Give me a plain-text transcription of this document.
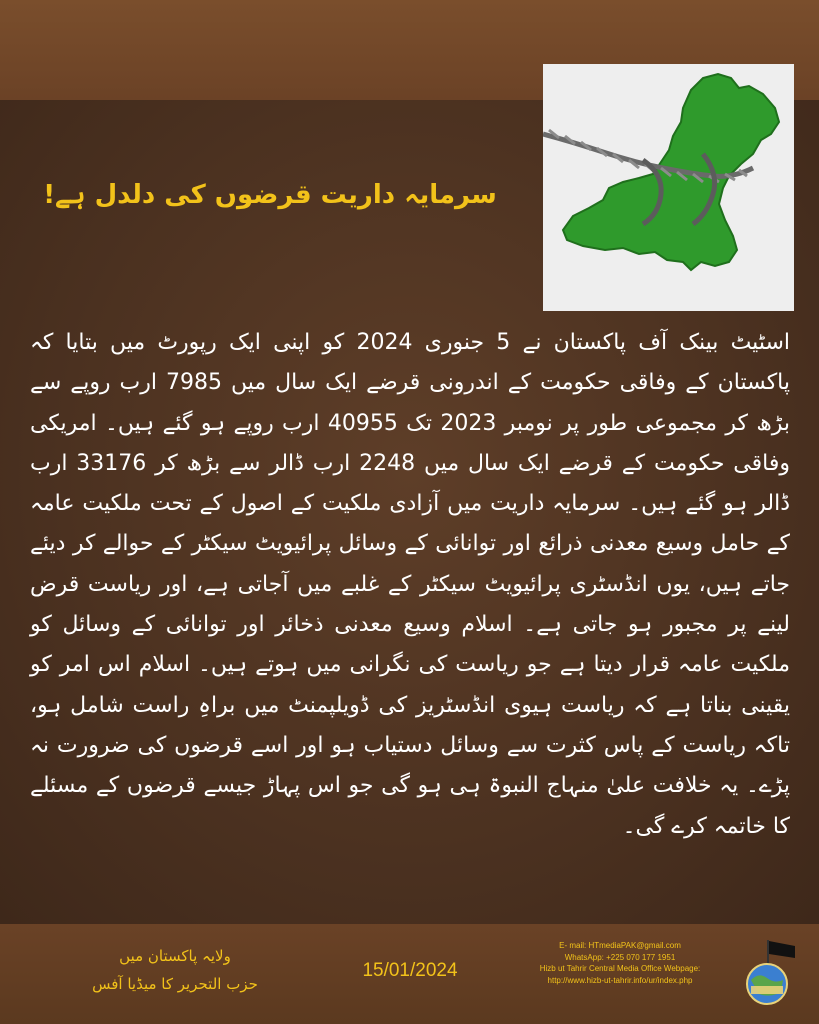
سرمایہ داریت قرضوں کی دلدل ہے!
اسٹیٹ بینک آف پاکستان نے 5 جنوری 2024 کو اپنی ایک رپورٹ میں بتایا کہ پاکستان کے وفاقی حکومت کے اندرونی قرضے ایک سال میں 7985 ارب روپے سے بڑھ کر مجموعی طور پر نومبر 2023 تک 40955 ارب روپے ہو گئے ہیں۔ امریکی وفاقی حکومت کے قرضے ایک سال میں 2248 ارب ڈالر سے بڑھ کر 33176 ارب ڈالر ہو گئے ہیں۔ سرمایہ داریت میں آزادی ملکیت کے اصول کے تحت ملکیت عامہ کے حامل وسیع معدنی ذرائع اور توانائی کے وسائل پرائیویٹ سیکٹر کے حوالے کر دیئے جاتے ہیں، یوں انڈسٹری پرائیویٹ سیکٹر کے غلبے میں آجاتی ہے، اور ریاست قرض لینے پر مجبور ہو جاتی ہے۔ اسلام وسیع معدنی ذخائر اور توانائی کے وسائل کو ملکیت عامہ قرار دیتا ہے جو ریاست کی نگرانی میں ہوتے ہیں۔ اسلام اس امر کو یقینی بناتا ہے کہ ریاست ہیوی انڈسٹریز کی ڈویلپمنٹ میں براہِ راست شامل ہو، تاکہ ریاست کے پاس کثرت سے وسائل دستیاب ہو اور اسے قرضوں کی ضرورت نہ پڑے۔ یہ خلافت علیٰ منہاج النبوۃ ہی ہو گی جو اس پہاڑ جیسے قرضوں کے مسئلے کا خاتمہ کرے گی۔
ولایہ پاکستان میں
حزب التحریر کا میڈیا آفس
15/01/2024
E- mail: HTmediaPAK@gmail.com
WhatsApp: +225 070 177 1951
Hizb ut Tahrir Central Media Office Webpage:
http://www.hizb-ut-tahrir.info/ur/index.php
